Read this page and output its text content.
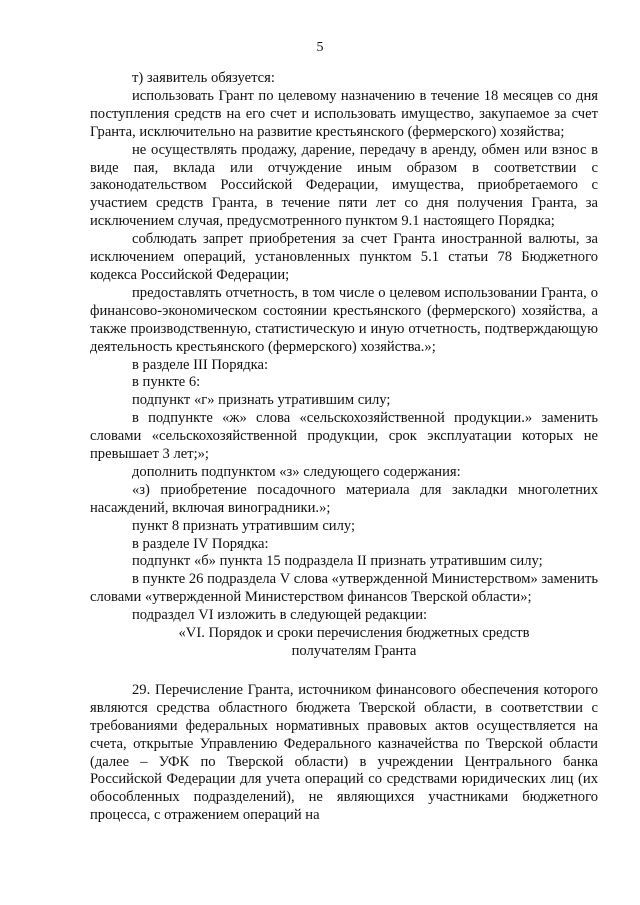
5

т) заявитель обязуется:

использовать Грант по целевому назначению в течение 18 месяцев со дня поступления средств на его счет и использовать имущество, закупаемое за счет Гранта, исключительно на развитие крестьянского (фермерского) хозяйства;

не осуществлять продажу, дарение, передачу в аренду, обмен или взнос в виде пая, вклада или отчуждение иным образом в соответствии с законодательством Российской Федерации, имущества, приобретаемого с участием средств Гранта, в течение пяти лет со дня получения Гранта, за исключением случая, предусмотренного пунктом 9.1 настоящего Порядка;

соблюдать запрет приобретения за счет Гранта иностранной валюты, за исключением операций, установленных пунктом 5.1 статьи 78 Бюджетного кодекса Российской Федерации;

предоставлять отчетность, в том числе о целевом использовании Гранта, о финансово-экономическом состоянии крестьянского (фермерского) хозяйства, а также производственную, статистическую и иную отчетность, подтверждающую деятельность крестьянского (фермерского) хозяйства.»;

в разделе III Порядка:

в пункте 6:

подпункт «г» признать утратившим силу;

в подпункте «ж» слова «сельскохозяйственной продукции.» заменить словами «сельскохозяйственной продукции, срок эксплуатации которых не превышает 3 лет;»;

дополнить подпунктом «з» следующего содержания:

«з) приобретение посадочного материала для закладки многолетних насаждений, включая виноградники.»;

пункт 8 признать утратившим силу;

в разделе IV Порядка:

подпункт «б» пункта 15 подраздела II признать утратившим силу;

в пункте 26 подраздела V слова «утвержденной Министерством» заменить словами «утвержденной Министерством финансов Тверской области»;

подраздел VI изложить в следующей редакции:

«VI. Порядок и сроки перечисления бюджетных средств

получателям Гранта

29. Перечисление Гранта, источником финансового обеспечения которого являются средства областного бюджета Тверской области, в соответствии с требованиями федеральных нормативных правовых актов осуществляется на счета, открытые Управлению Федерального казначейства по Тверской области (далее – УФК по Тверской области) в учреждении Центрального банка Российской Федерации для учета операций со средствами юридических лиц (их обособленных подразделений), не являющихся участниками бюджетного процесса, с отражением операций на
